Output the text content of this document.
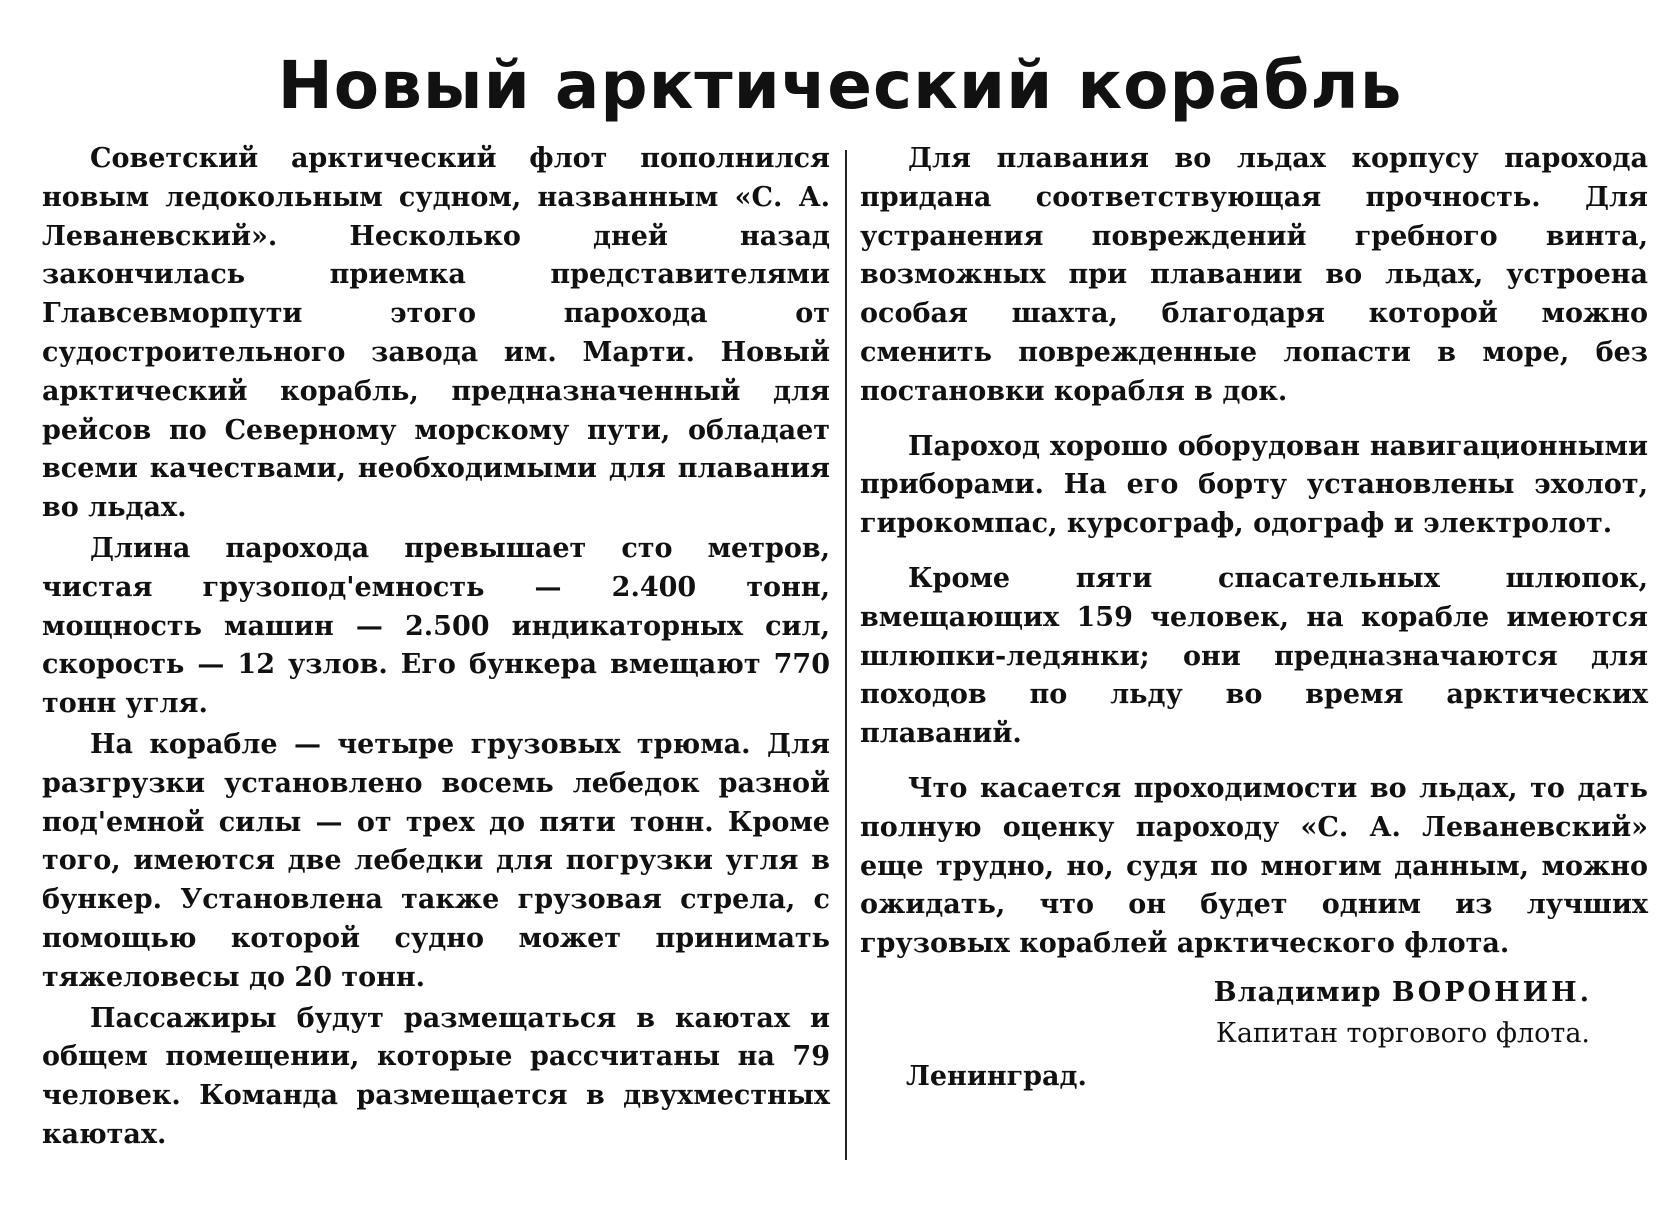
Новый арктический корабль

Советский арктический флот пополнился новым ледокольным судном, названным «С. А. Леваневский». Несколько дней назад закончилась приемка представителями Главсевморпути этого парохода от судостроительного завода им. Марти. Новый арктический корабль, предназначенный для рейсов по Северному морскому пути, обладает всеми качествами, необходимыми для плавания во льдах.

Длина парохода превышает сто метров, чистая грузопод'емность — 2.400 тонн, мощность машин — 2.500 индикаторных сил, скорость — 12 узлов. Его бункера вмещают 770 тонн угля.

На корабле — четыре грузовых трюма. Для разгрузки установлено восемь лебедок разной под'емной силы — от трех до пяти тонн. Кроме того, имеются две лебедки для погрузки угля в бункер. Установлена также грузовая стрела, с помощью которой судно может принимать тяжеловесы до 20 тонн.

Пассажиры будут размещаться в каютах и общем помещении, которые рассчитаны на 79 человек. Команда размещается в двухместных каютах.

Для плавания во льдах корпусу парохода придана соответствующая прочность. Для устранения повреждений гребного винта, возможных при плавании во льдах, устроена особая шахта, благодаря которой можно сменить поврежденные лопасти в море, без постановки корабля в док.

Пароход хорошо оборудован навигационными приборами. На его борту установлены эхолот, гирокомпас, курсограф, одограф и электролот.

Кроме пяти спасательных шлюпок, вмещающих 159 человек, на корабле имеются шлюпки-ледянки; они предназначаются для походов по льду во время арктических плаваний.

Что касается проходимости во льдах, то дать полную оценку пароходу «С. А. Леваневский» еще трудно, но, судя по многим данным, можно ожидать, что он будет одним из лучших грузовых кораблей арктического флота.

Владимир ВОРОНИН.
Капитан торгового флота.
Ленинград.
